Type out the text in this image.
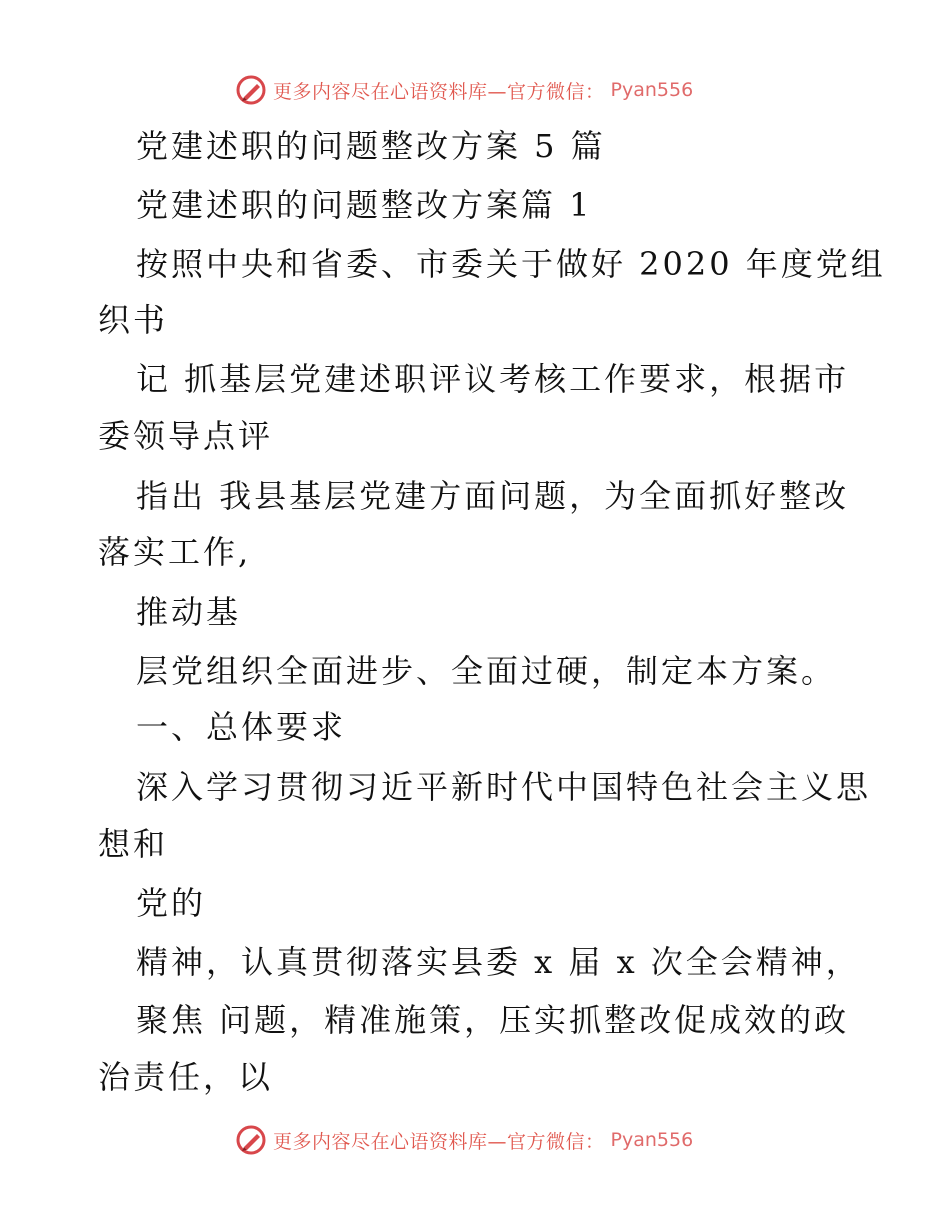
更多内容尽在心语资料库—官方微信： Pyan556
党建述职的问题整改方案 5 篇
党建述职的问题整改方案篇 1
按照中央和省委、市委关于做好 2020 年度党组
织书
记 抓基层党建述职评议考核工作要求，根据市
委领导点评
指出 我县基层党建方面问题，为全面抓好整改
落实工作,
推动基
层党组织全面进步、全面过硬，制定本方案。
一、总体要求
深入学习贯彻习近平新时代中国特色社会主义思
想和
党的
精神，认真贯彻落实县委 x 届 x 次全会精神，
聚焦 问题，精准施策，压实抓整改促成效的政
治责任，以
更多内容尽在心语资料库—官方微信： Pyan556
